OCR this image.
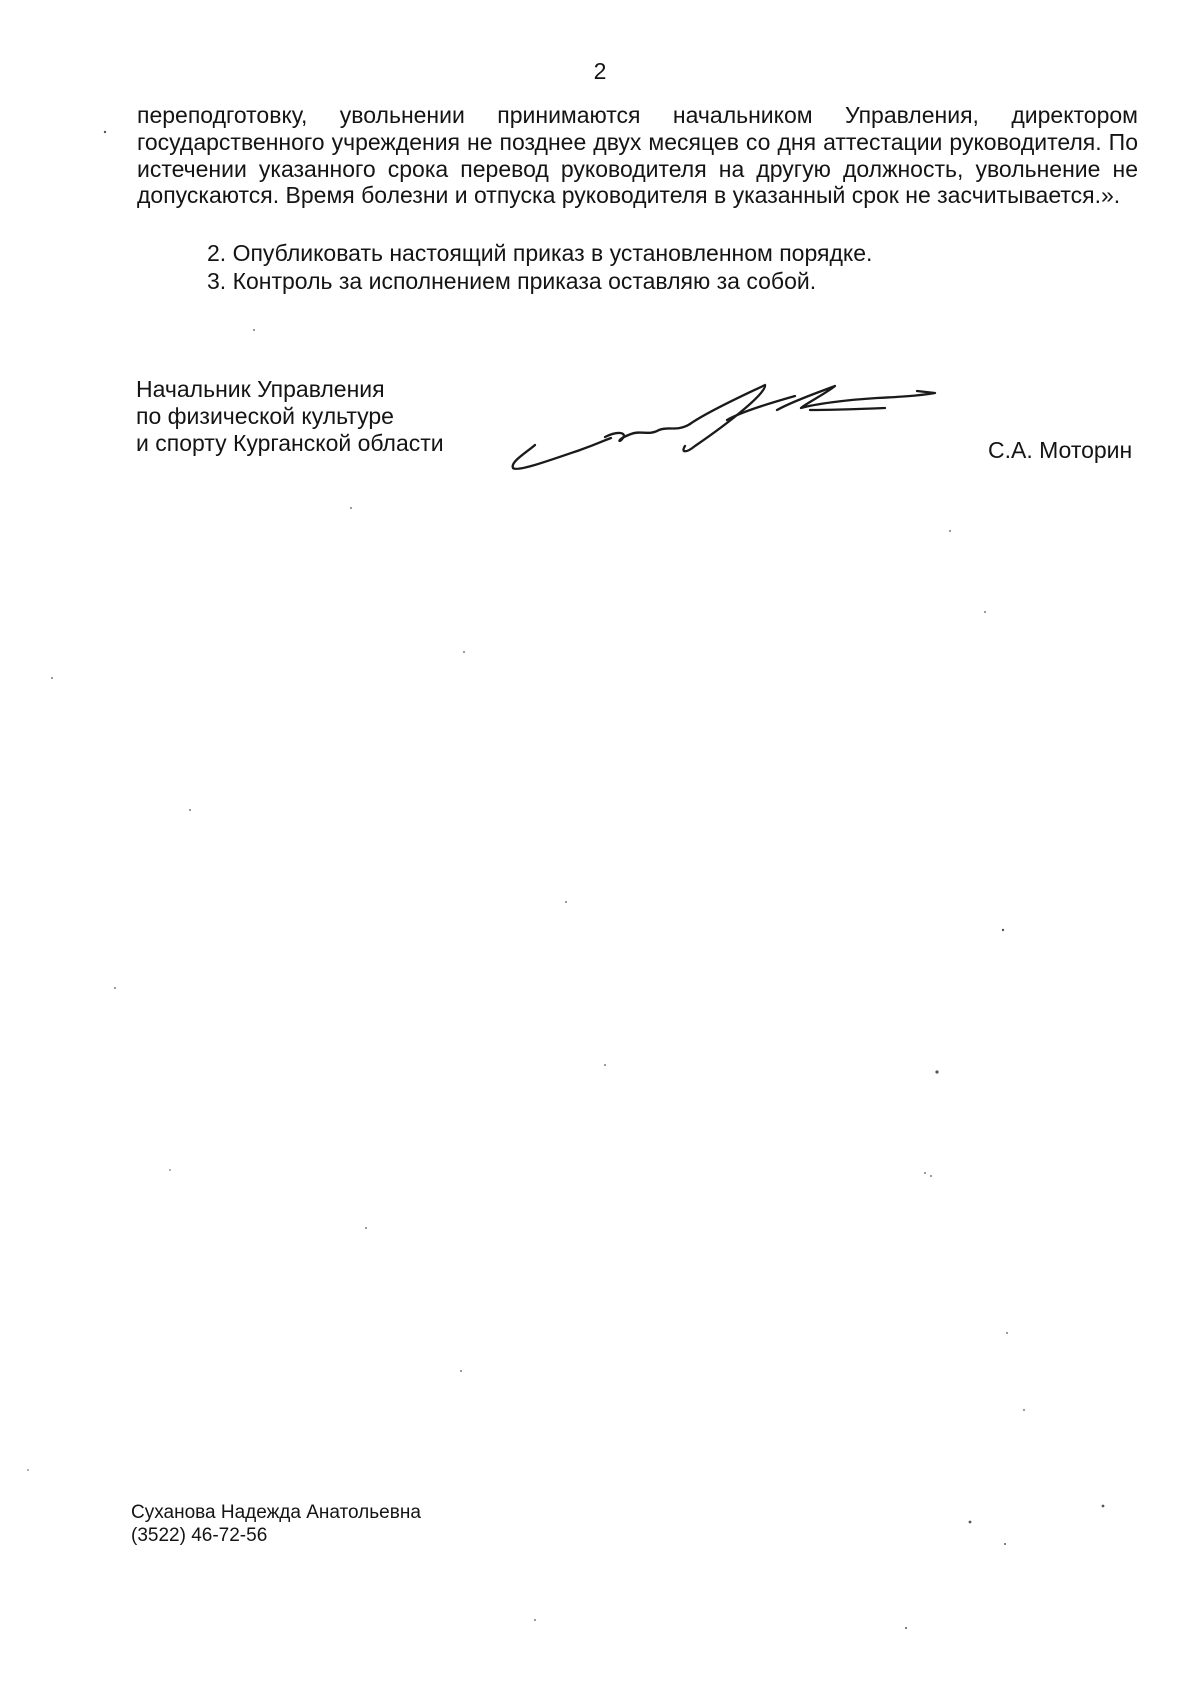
2

переподготовку, увольнении принимаются начальником Управления, директором государственного учреждения не позднее двух месяцев со дня аттестации руководителя. По истечении указанного срока перевод руководителя на другую должность, увольнение не допускаются. Время болезни и отпуска руководителя в указанный срок не засчитывается.».

2. Опубликовать настоящий приказ в установленном порядке.

3. Контроль за исполнением приказа оставляю за собой.

Начальник Управления
по физической культуре
и спорту Курганской области	С.А. Моторин
Суханова Надежда Анатольевна
(3522) 46-72-56
